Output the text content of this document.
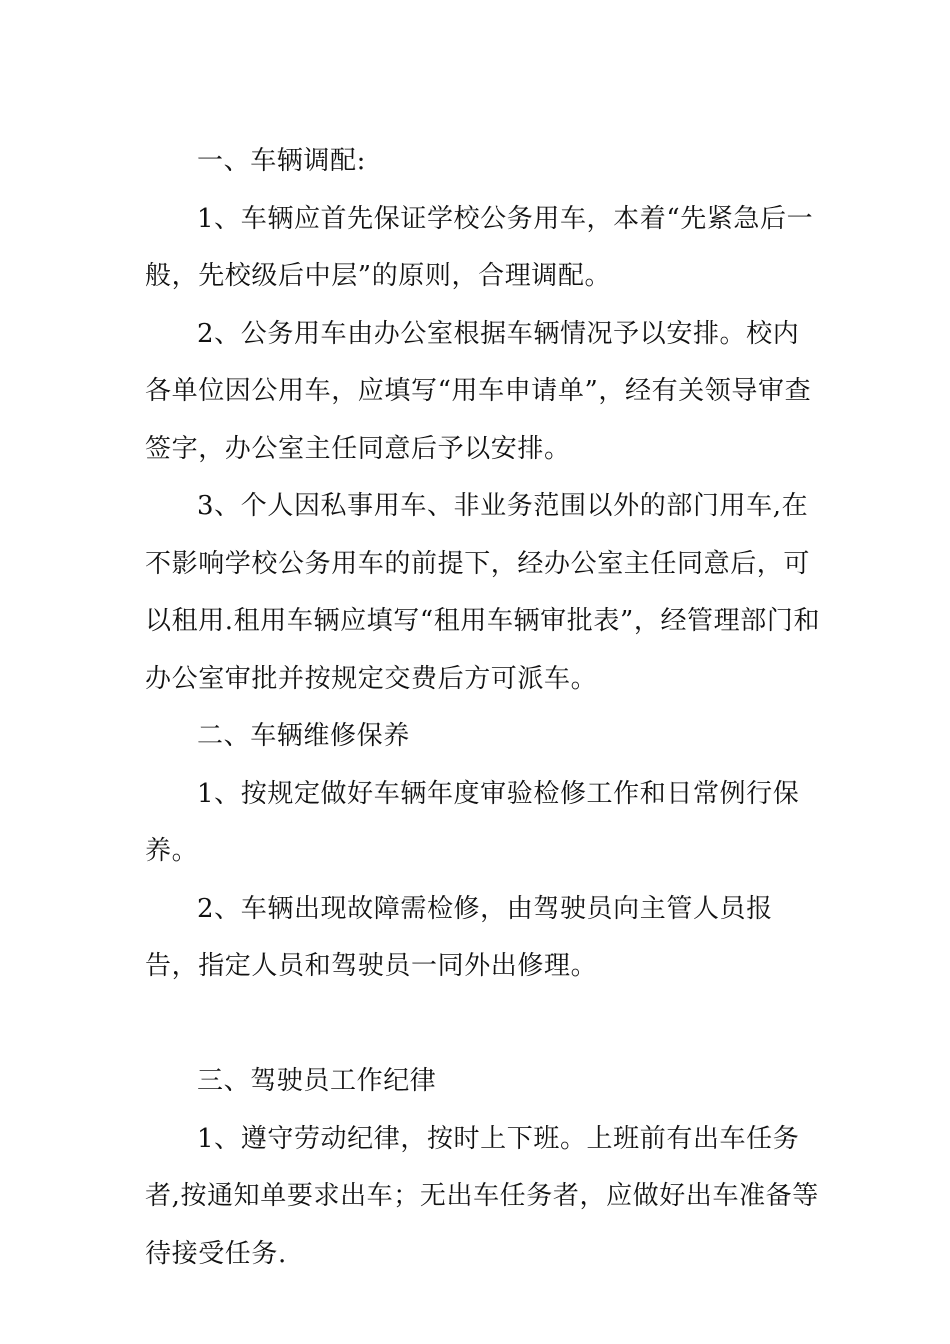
一、车辆调配:

1、车辆应首先保证学校公务用车，本着“先紧急后一般，先校级后中层”的原则，合理调配。

2、公务用车由办公室根据车辆情况予以安排。校内各单位因公用车，应填写“用车申请单”，经有关领导审查签字，办公室主任同意后予以安排。

3、个人因私事用车、非业务范围以外的部门用车,在不影响学校公务用车的前提下，经办公室主任同意后，可以租用.租用车辆应填写“租用车辆审批表”，经管理部门和办公室审批并按规定交费后方可派车。

二、车辆维修保养

1、按规定做好车辆年度审验检修工作和日常例行保养。

2、车辆出现故障需检修，由驾驶员向主管人员报告，指定人员和驾驶员一同外出修理。

三、驾驶员工作纪律

1、遵守劳动纪律，按时上下班。上班前有出车任务者,按通知单要求出车；无出车任务者，应做好出车准备等待接受任务.
